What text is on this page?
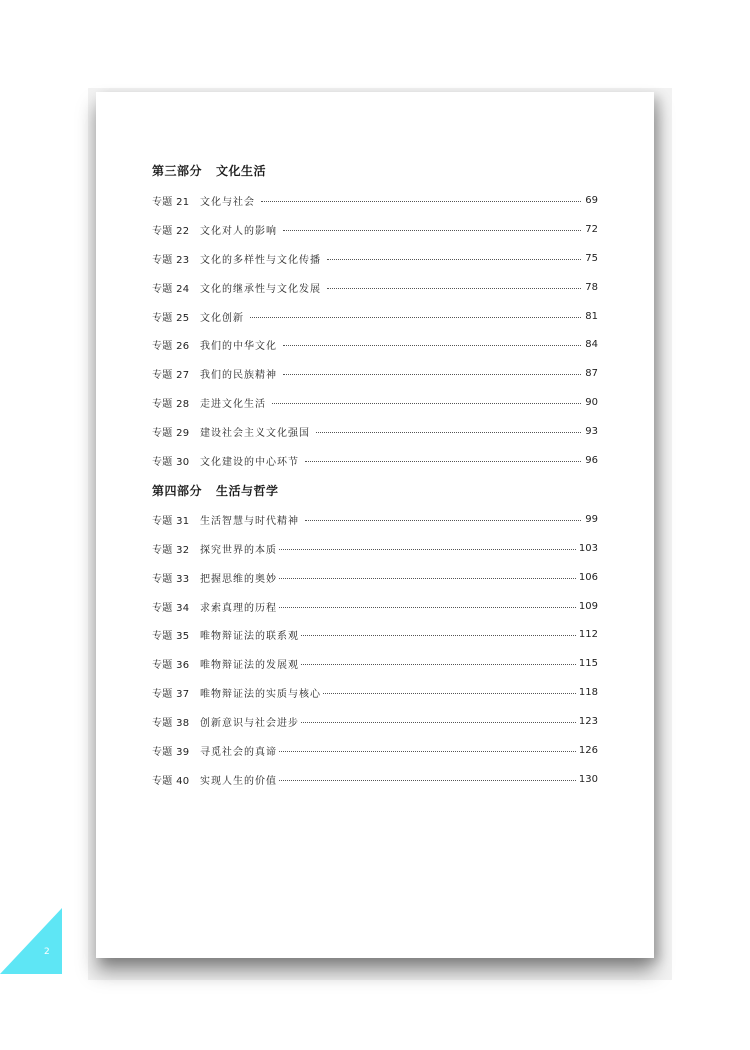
第三部分 文化生活
专题 21	文化与社会	69
专题 22	文化对人的影响	72
专题 23	文化的多样性与文化传播	75
专题 24	文化的继承性与文化发展	78
专题 25	文化创新	81
专题 26	我们的中华文化	84
专题 27	我们的民族精神	87
专题 28	走进文化生活	90
专题 29	建设社会主义文化强国	93
专题 30	文化建设的中心环节	96
第四部分 生活与哲学
专题 31	生活智慧与时代精神	99
专题 32	探究世界的本质	103
专题 33	把握思维的奥妙	106
专题 34	求索真理的历程	109
专题 35	唯物辩证法的联系观	112
专题 36	唯物辩证法的发展观	115
专题 37	唯物辩证法的实质与核心	118
专题 38	创新意识与社会进步	123
专题 39	寻觅社会的真谛	126
专题 40	实现人生的价值	130
2
